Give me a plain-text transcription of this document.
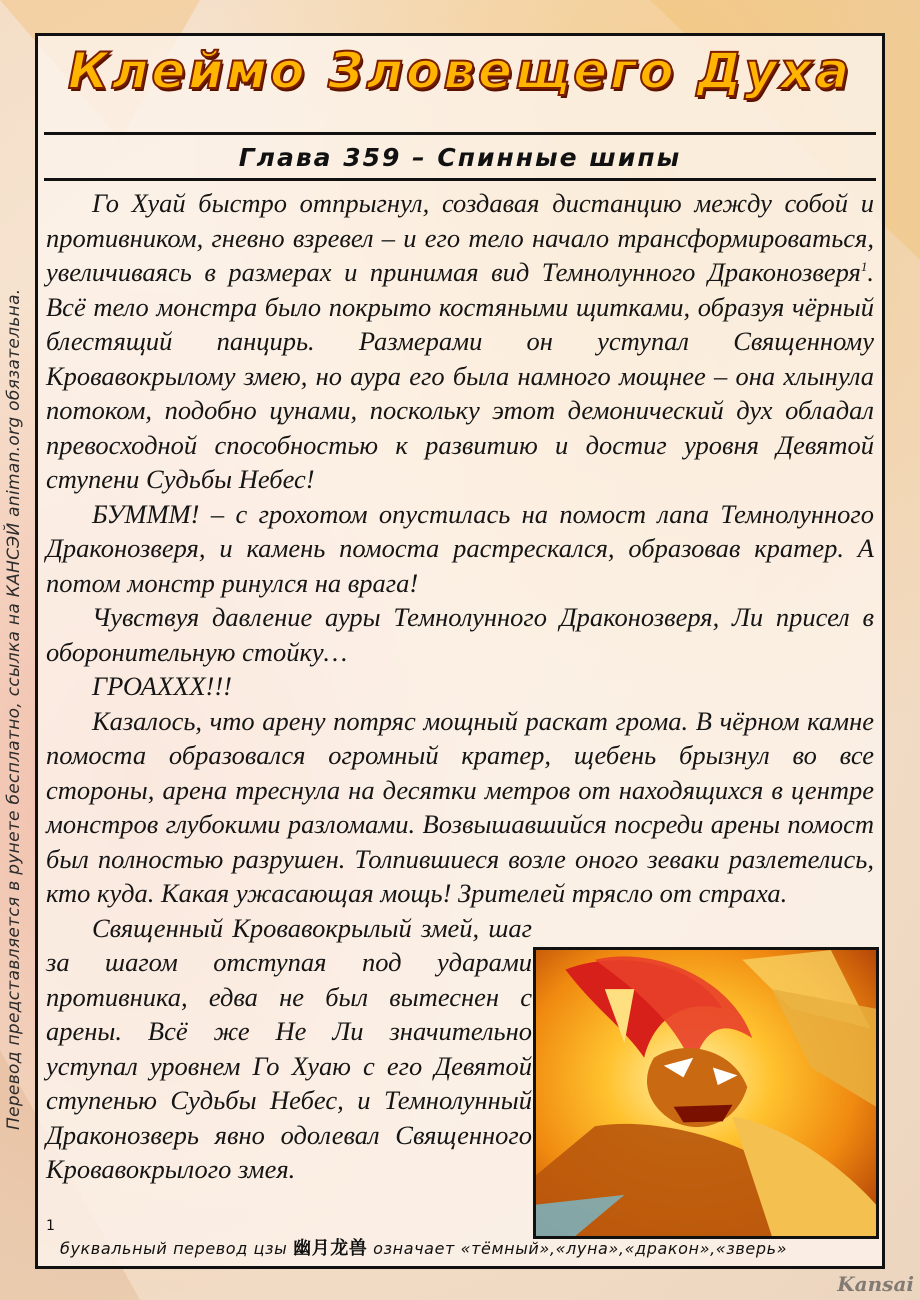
Перевод представляется в рунете бесплатно, ссылка на КАНСЭЙ animan.org обязательна.
Клеймо Зловещего Духа
Глава 359 – Спинные шипы

Го Хуай быстро отпрыгнул, создавая дистанцию между собой и противником, гневно взревел – и его тело начало трансформироваться, увеличиваясь в размерах и принимая вид Темнолунного Драконозверя$^1$. Всё тело монстра было покрыто костяными щитками, образуя чёрный блестящий панцирь. Размерами он уступал Священному Кровавокрылому змею, но аура его была намного мощнее – она хлынула потоком, подобно цунами, поскольку этот демонический дух обладал превосходной способностью к развитию и достиг уровня Девятой ступени Судьбы Небес!

БУМММ! – с грохотом опустилась на помост лапа Темнолунного Драконозверя, и камень помоста растрескался, образовав кратер. А потом монстр ринулся на врага!

Чувствуя давление ауры Темнолунного Драконозверя, Ли присел в оборонительную стойку…

ГРОАХХХ!!!

Казалось, что арену потряс мощный раскат грома. В чёрном камне помоста образовался огромный кратер, щебень брызнул во все стороны, арена треснула на десятки метров от находящихся в центре монстров глубокими разломами. Возвышавшийся посреди арены помост был полностью разрушен. Толпившиеся возле оного зеваки разлетелись, кто куда. Какая ужасающая мощь! Зрителей трясло от страха.

Священный Кровавокрылый змей, шаг за шагом отступая под ударами противника, едва не был вытеснен с арены. Всё же Не Ли значительно уступал уровнем Го Хуаю с его Девятой ступенью Судьбы Небес, и Темнолунный Драконозверь явно одолевал Священного Кровавокрылого змея.

1
буквальный перевод цзы 幽月龙兽 означает «тёмный»,«луна»,«дракон»,«зверь»
Kansai
